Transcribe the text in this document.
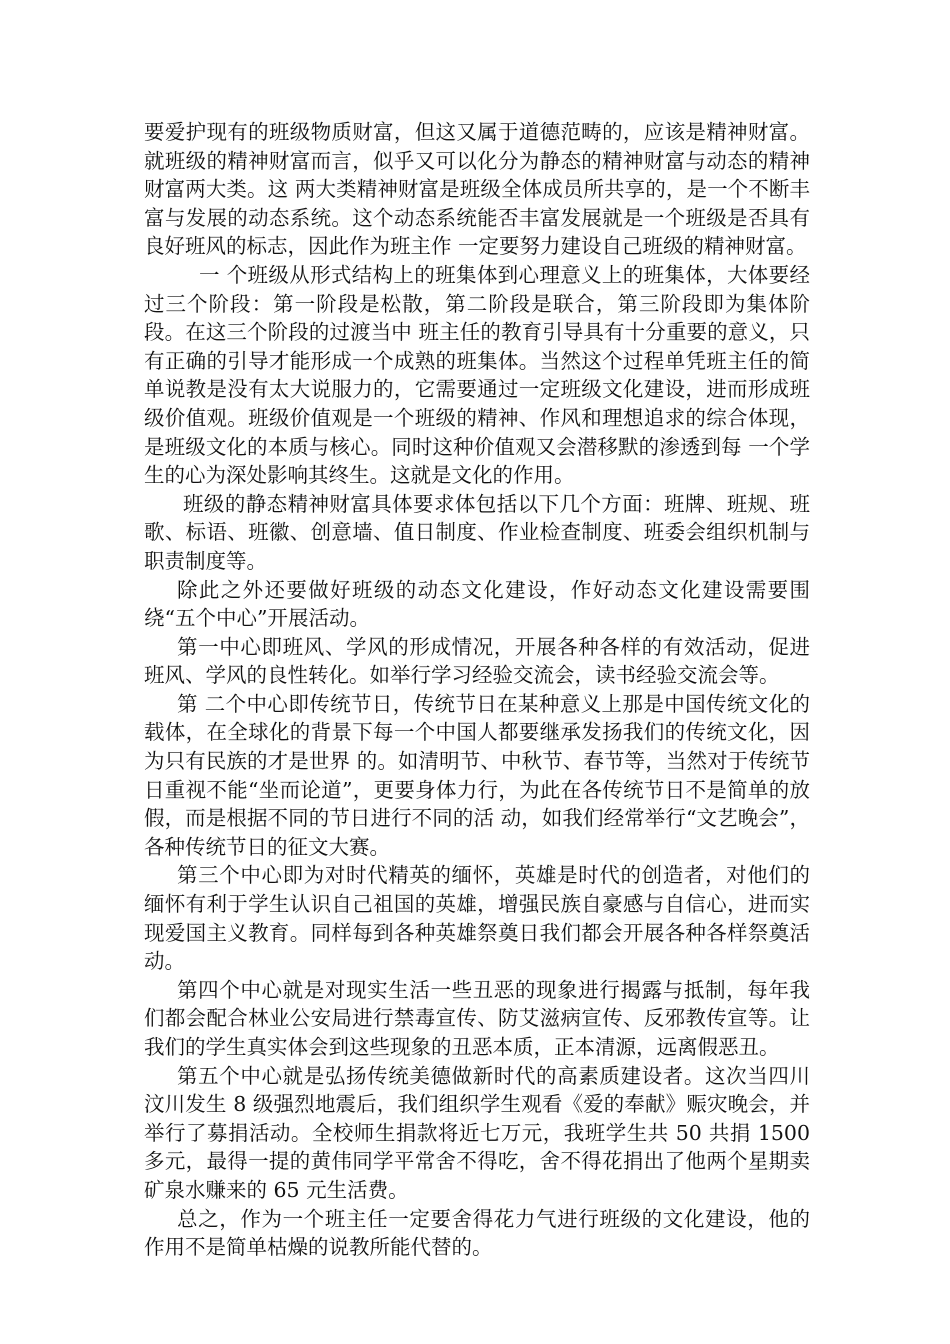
要爱护现有的班级物质财富，但这又属于道德范畴的，应该是精神财富。就班级的精神财富而言，似乎又可以化分为静态的精神财富与动态的精神财富两大类。这 两大类精神财富是班级全体成员所共享的，是一个不断丰富与发展的动态系统。这个动态系统能否丰富发展就是一个班级是否具有良好班风的标志，因此作为班主作 一定要努力建设自己班级的精神财富。

一 个班级从形式结构上的班集体到心理意义上的班集体，大体要经过三个阶段：第一阶段是松散，第二阶段是联合，第三阶段即为集体阶段。在这三个阶段的过渡当中 班主任的教育引导具有十分重要的意义，只有正确的引导才能形成一个成熟的班集体。当然这个过程单凭班主任的简单说教是没有太大说服力的，它需要通过一定班级文化建设，进而形成班级价值观。班级价值观是一个班级的精神、作风和理想追求的综合体现，是班级文化的本质与核心。同时这种价值观又会潜移默的渗透到每 一个学生的心为深处影响其终生。这就是文化的作用。

班级的静态精神财富具体要求体包括以下几个方面：班牌、班规、班歌、标语、班徽、创意墙、值日制度、作业检查制度、班委会组织机制与职责制度等。

除此之外还要做好班级的动态文化建设，作好动态文化建设需要围绕“五个中心”开展活动。

第一中心即班风、学风的形成情况，开展各种各样的有效活动，促进班风、学风的良性转化。如举行学习经验交流会，读书经验交流会等。

第 二个中心即传统节日，传统节日在某种意义上那是中国传统文化的载体，在全球化的背景下每一个中国人都要继承发扬我们的传统文化，因为只有民族的才是世界 的。如清明节、中秋节、春节等，当然对于传统节日重视不能“坐而论道”，更要身体力行，为此在各传统节日不是简单的放假，而是根据不同的节日进行不同的活 动，如我们经常举行“文艺晚会”， 各种传统节日的征文大赛。

第三个中心即为对时代精英的缅怀，英雄是时代的创造者，对他们的缅怀有利于学生认识自己祖国的英雄，增强民族自豪感与自信心，进而实现爱国主义教育。同样每到各种英雄祭奠日我们都会开展各种各样祭奠活动。

第四个中心就是对现实生活一些丑恶的现象进行揭露与抵制，每年我们都会配合林业公安局进行禁毒宣传、防艾滋病宣传、反邪教传宣等。让我们的学生真实体会到这些现象的丑恶本质，正本清源，远离假恶丑。

第五个中心就是弘扬传统美德做新时代的高素质建设者。这次当四川汶川发生 8 级强烈地震后，我们组织学生观看《爱的奉献》赈灾晚会，并举行了募捐活动。全校师生捐款将近七万元，我班学生共 50 共捐 1500 多元，最得一提的黄伟同学平常舍不得吃，舍不得花捐出了他两个星期卖矿泉水赚来的 65 元生活费。

总之，作为一个班主任一定要舍得花力气进行班级的文化建设，他的作用不是简单枯燥的说教所能代替的。
